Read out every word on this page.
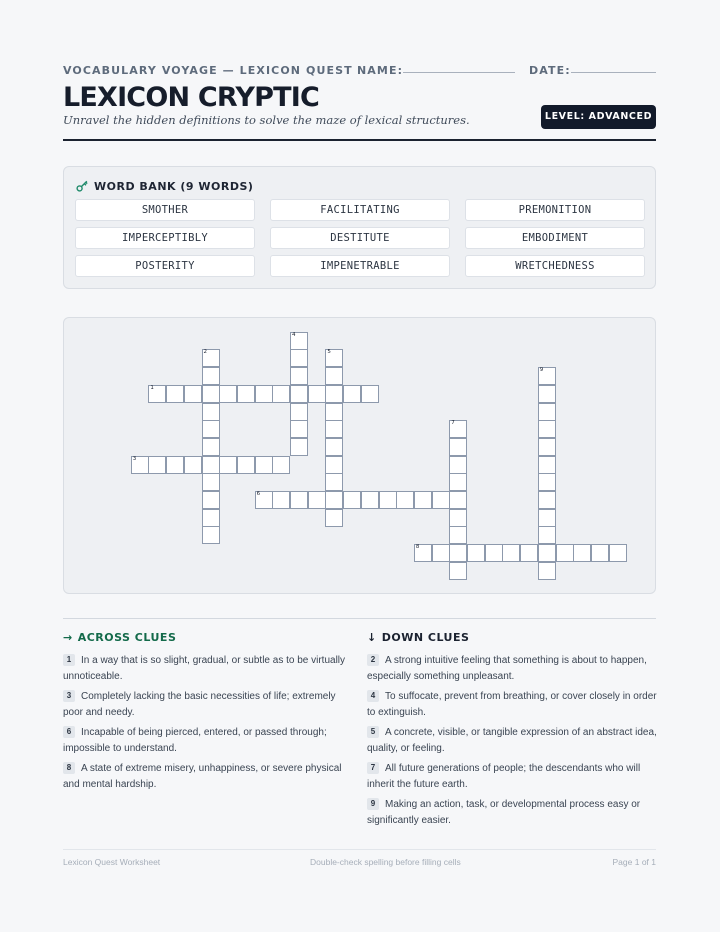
VOCABULARY VOYAGE — LEXICON QUEST NAME:	DATE:
LEXICON CRYPTIC

Unravel the hidden definitions to solve the maze of lexical structures.	LEVEL: ADVANCED
WORD BANK (9 WORDS)
SMOTHER	FACILITATING	PREMONITION
IMPERCEPTIBLY	DESTITUTE	EMBODIMENT
POSTERITY	IMPENETRABLE	WRETCHEDNESS
1
2
3
4
5
6
7
8
9
→ ACROSS CLUES
1 In a way that is so slight, gradual, or subtle as to be virtually unnoticeable.
3 Completely lacking the basic necessities of life; extremely poor and needy.
6 Incapable of being pierced, entered, or passed through; impossible to understand.
8 A state of extreme misery, unhappiness, or severe physical and mental hardship.
↓ DOWN CLUES
2 A strong intuitive feeling that something is about to happen, especially something unpleasant.
4 To suffocate, prevent from breathing, or cover closely in order to extinguish.
5 A concrete, visible, or tangible expression of an abstract idea, quality, or feeling.
7 All future generations of people; the descendants who will inherit the future earth.
9 Making an action, task, or developmental process easy or significantly easier.
Lexicon Quest Worksheet	Double-check spelling before filling cells	Page 1 of 1
